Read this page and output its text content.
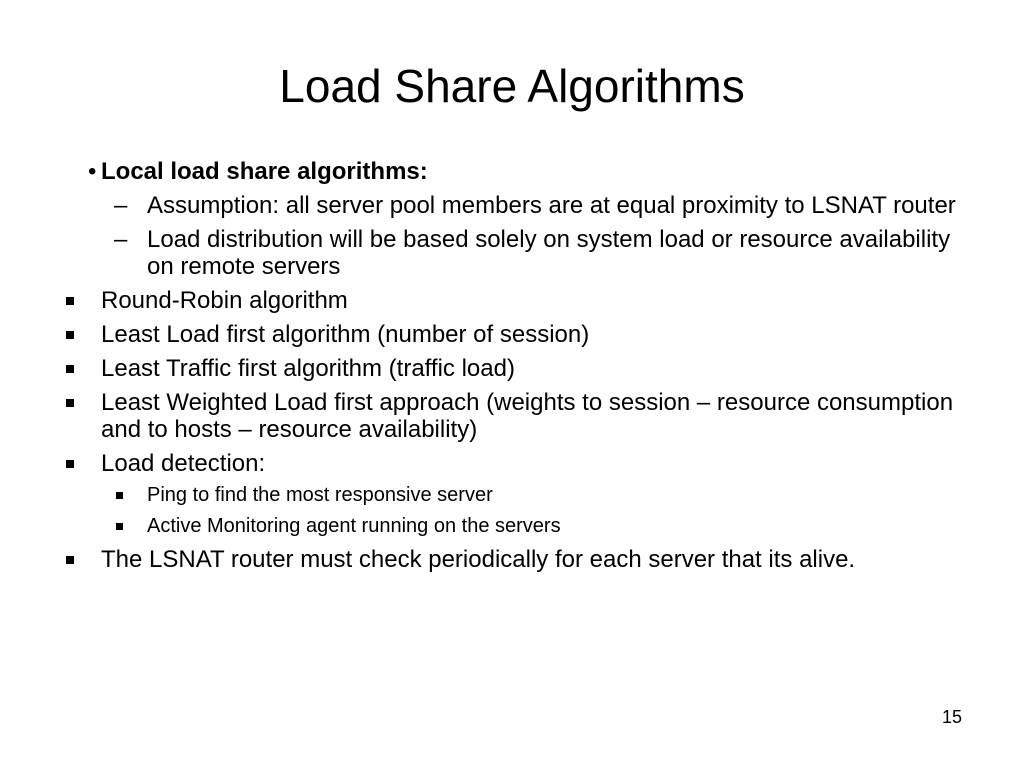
Load Share Algorithms
• Local load share algorithms:
– Assumption: all server pool members are at equal proximity to LSNAT router
– Load distribution will be based solely on system load or resource availability on remote servers
Round-Robin algorithm
Least Load first algorithm (number of session)
Least Traffic first algorithm (traffic load)
Least Weighted Load first approach (weights to session – resource consumption and to hosts – resource availability)
Load detection:
Ping to find the most responsive server
Active Monitoring agent running on the servers
The LSNAT router must check periodically for each server that its alive.
15
